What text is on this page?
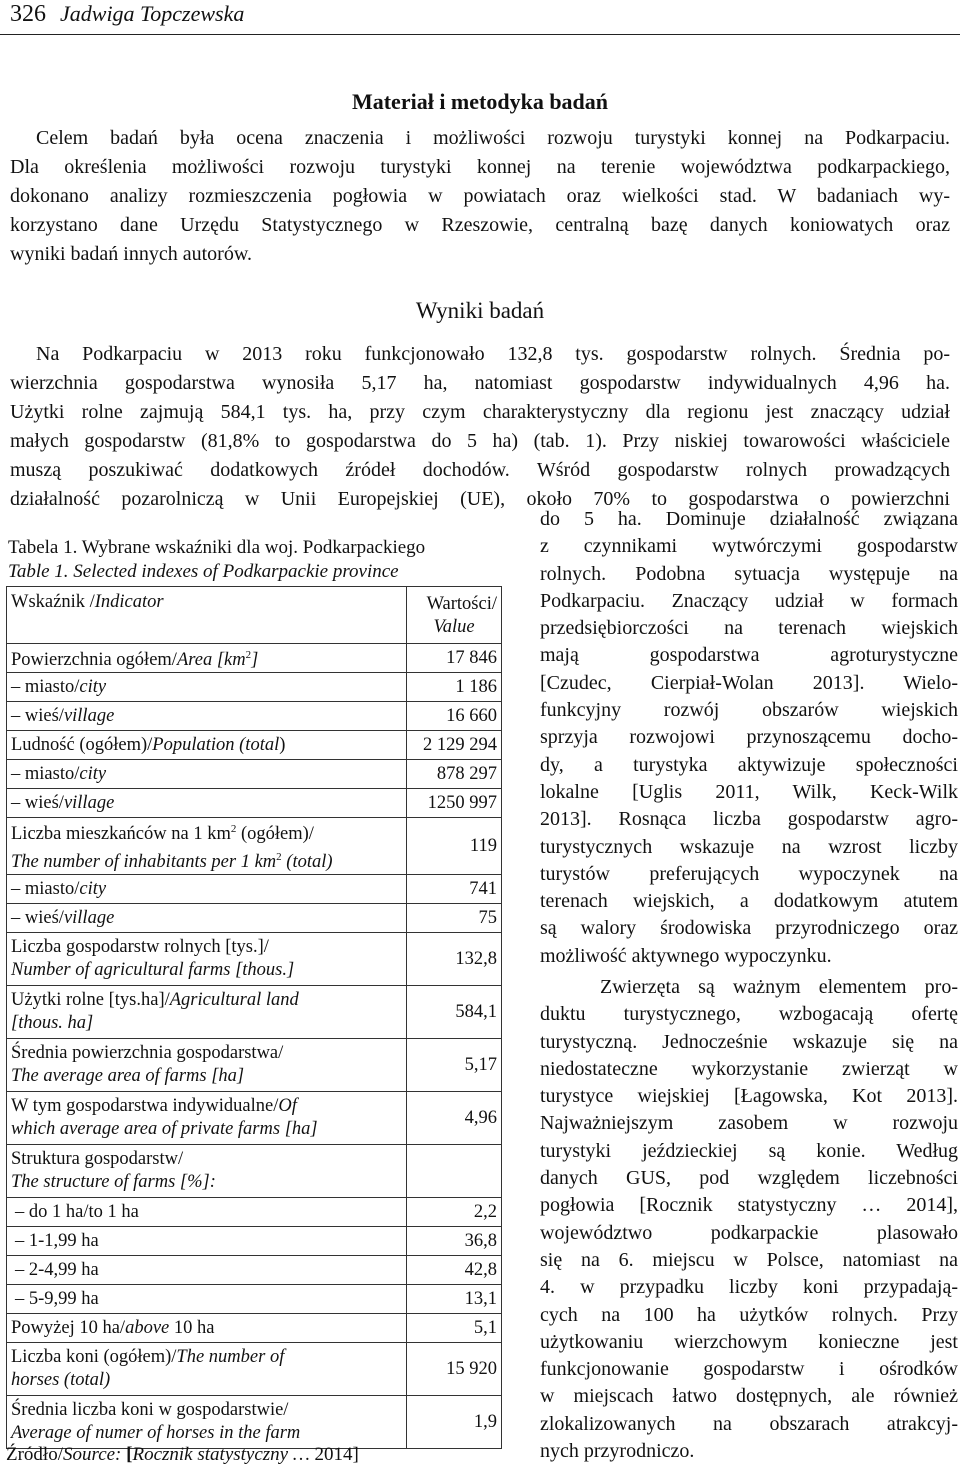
326 Jadwiga Topczewska
Materiał i metodyka badań
Celem badań była ocena znaczenia i możliwości rozwoju turystyki konnej na Podkarpaciu.
Dla określenia możliwości rozwoju turystyki konnej na terenie województwa podkarpackiego,
dokonano analizy rozmieszczenia pogłowia w powiatach oraz wielkości stad. W badaniach wy-
korzystano dane Urzędu Statystycznego w Rzeszowie, centralną bazę danych koniowatych oraz
wyniki badań innych autorów.
Wyniki badań
Na Podkarpaciu w 2013 roku funkcjonowało 132,8 tys. gospodarstw rolnych. Średnia po-
wierzchnia gospodarstwa wynosiła 5,17 ha, natomiast gospodarstw indywidualnych 4,96 ha.
Użytki rolne zajmują 584,1 tys. ha, przy czym charakterystyczny dla regionu jest znaczący udział
małych gospodarstw (81,8% to gospodarstwa do 5 ha) (tab. 1). Przy niskiej towarowości właściciele
muszą poszukiwać dodatkowych źródeł dochodów. Wśród gospodarstw rolnych prowadzących
działalność pozarolniczą w Unii Europejskiej (UE), około 70% to gospodarstwa o powierzchni
Tabela 1. Wybrane wskaźniki dla woj. Podkarpackiego
Table 1. Selected indexes of Podkarpackie province
Wskaźnik /Indicator	Wartości/
Value

Powierzchnia ogółem/Area $[km^2]$	17 846
– miasto/city	1 186
– wieś/village	16 660
Ludność (ogółem)/Population (total)	2 129 294
– miasto/city	878 297
– wieś/village	1250 997
Liczba mieszkańców na 1 $km^2$ (ogółem)/
The number of inhabitants per 1 $km^2$ (total)	119
– miasto/city	741
– wieś/village	75
Liczba gospodarstw rolnych [tys.]/
Number of agricultural farms [thous.]	132,8
Użytki rolne [tys.ha]/Agricultural land
[thous. ha]	584,1
Średnia powierzchnia gospodarstwa/
The average area of farms [ha]	5,17
W tym gospodarstwa indywidualne/Of
which average area of private farms [ha]	4,96
Struktura gospodarstw/
The structure of farms [%]:	
– do 1 ha/to 1 ha	2,2
– 1-1,99 ha	36,8
– 2-4,99 ha	42,8
– 5-9,99 ha	13,1
Powyżej 10 ha/above 10 ha	5,1
Liczba koni (ogółem)/The number of
horses (total)	15 920
Średnia liczba koni w gospodarstwie/
Average of numer of horses in the farm	1,9
Źródło/Source: [Rocznik statystyczny … 2014]
do 5 ha. Dominuje działalność związana
z czynnikami wytwórczymi gospodarstw
rolnych. Podobna sytuacja występuje na
Podkarpaciu. Znaczący udział w formach
przedsiębiorczości na terenach wiejskich
mają gospodarstwa agroturystyczne
[Czudec, Cierpiał-Wolan 2013]. Wielo-
funkcyjny rozwój obszarów wiejskich
sprzyja rozwojowi przynoszącemu docho-
dy, a turystyka aktywizuje społeczności
lokalne [Uglis 2011, Wilk, Keck-Wilk
2013]. Rosnąca liczba gospodarstw agro-
turystycznych wskazuje na wzrost liczby
turystów preferujących wypoczynek na
terenach wiejskich, a dodatkowym atutem
są walory środowiska przyrodniczego oraz
możliwość aktywnego wypoczynku.
Zwierzęta są ważnym elementem pro-
duktu turystycznego, wzbogacają ofertę
turystyczną. Jednocześnie wskazuje się na
niedostateczne wykorzystanie zwierząt w
turystyce wiejskiej [Łagowska, Kot 2013].
Najważniejszym zasobem w rozwoju
turystyki jeździeckiej są konie. Według
danych GUS, pod względem liczebności
pogłowia [Rocznik statystyczny … 2014],
województwo podkarpackie plasowało
się na 6. miejscu w Polsce, natomiast na
4. w przypadku liczby koni przypadają-
cych na 100 ha użytków rolnych. Przy
użytkowaniu wierzchowym konieczne jest
funkcjonowanie gospodarstw i ośrodków
w miejscach łatwo dostępnych, ale również
zlokalizowanych na obszarach atrakcyj-
nych przyrodniczo.
